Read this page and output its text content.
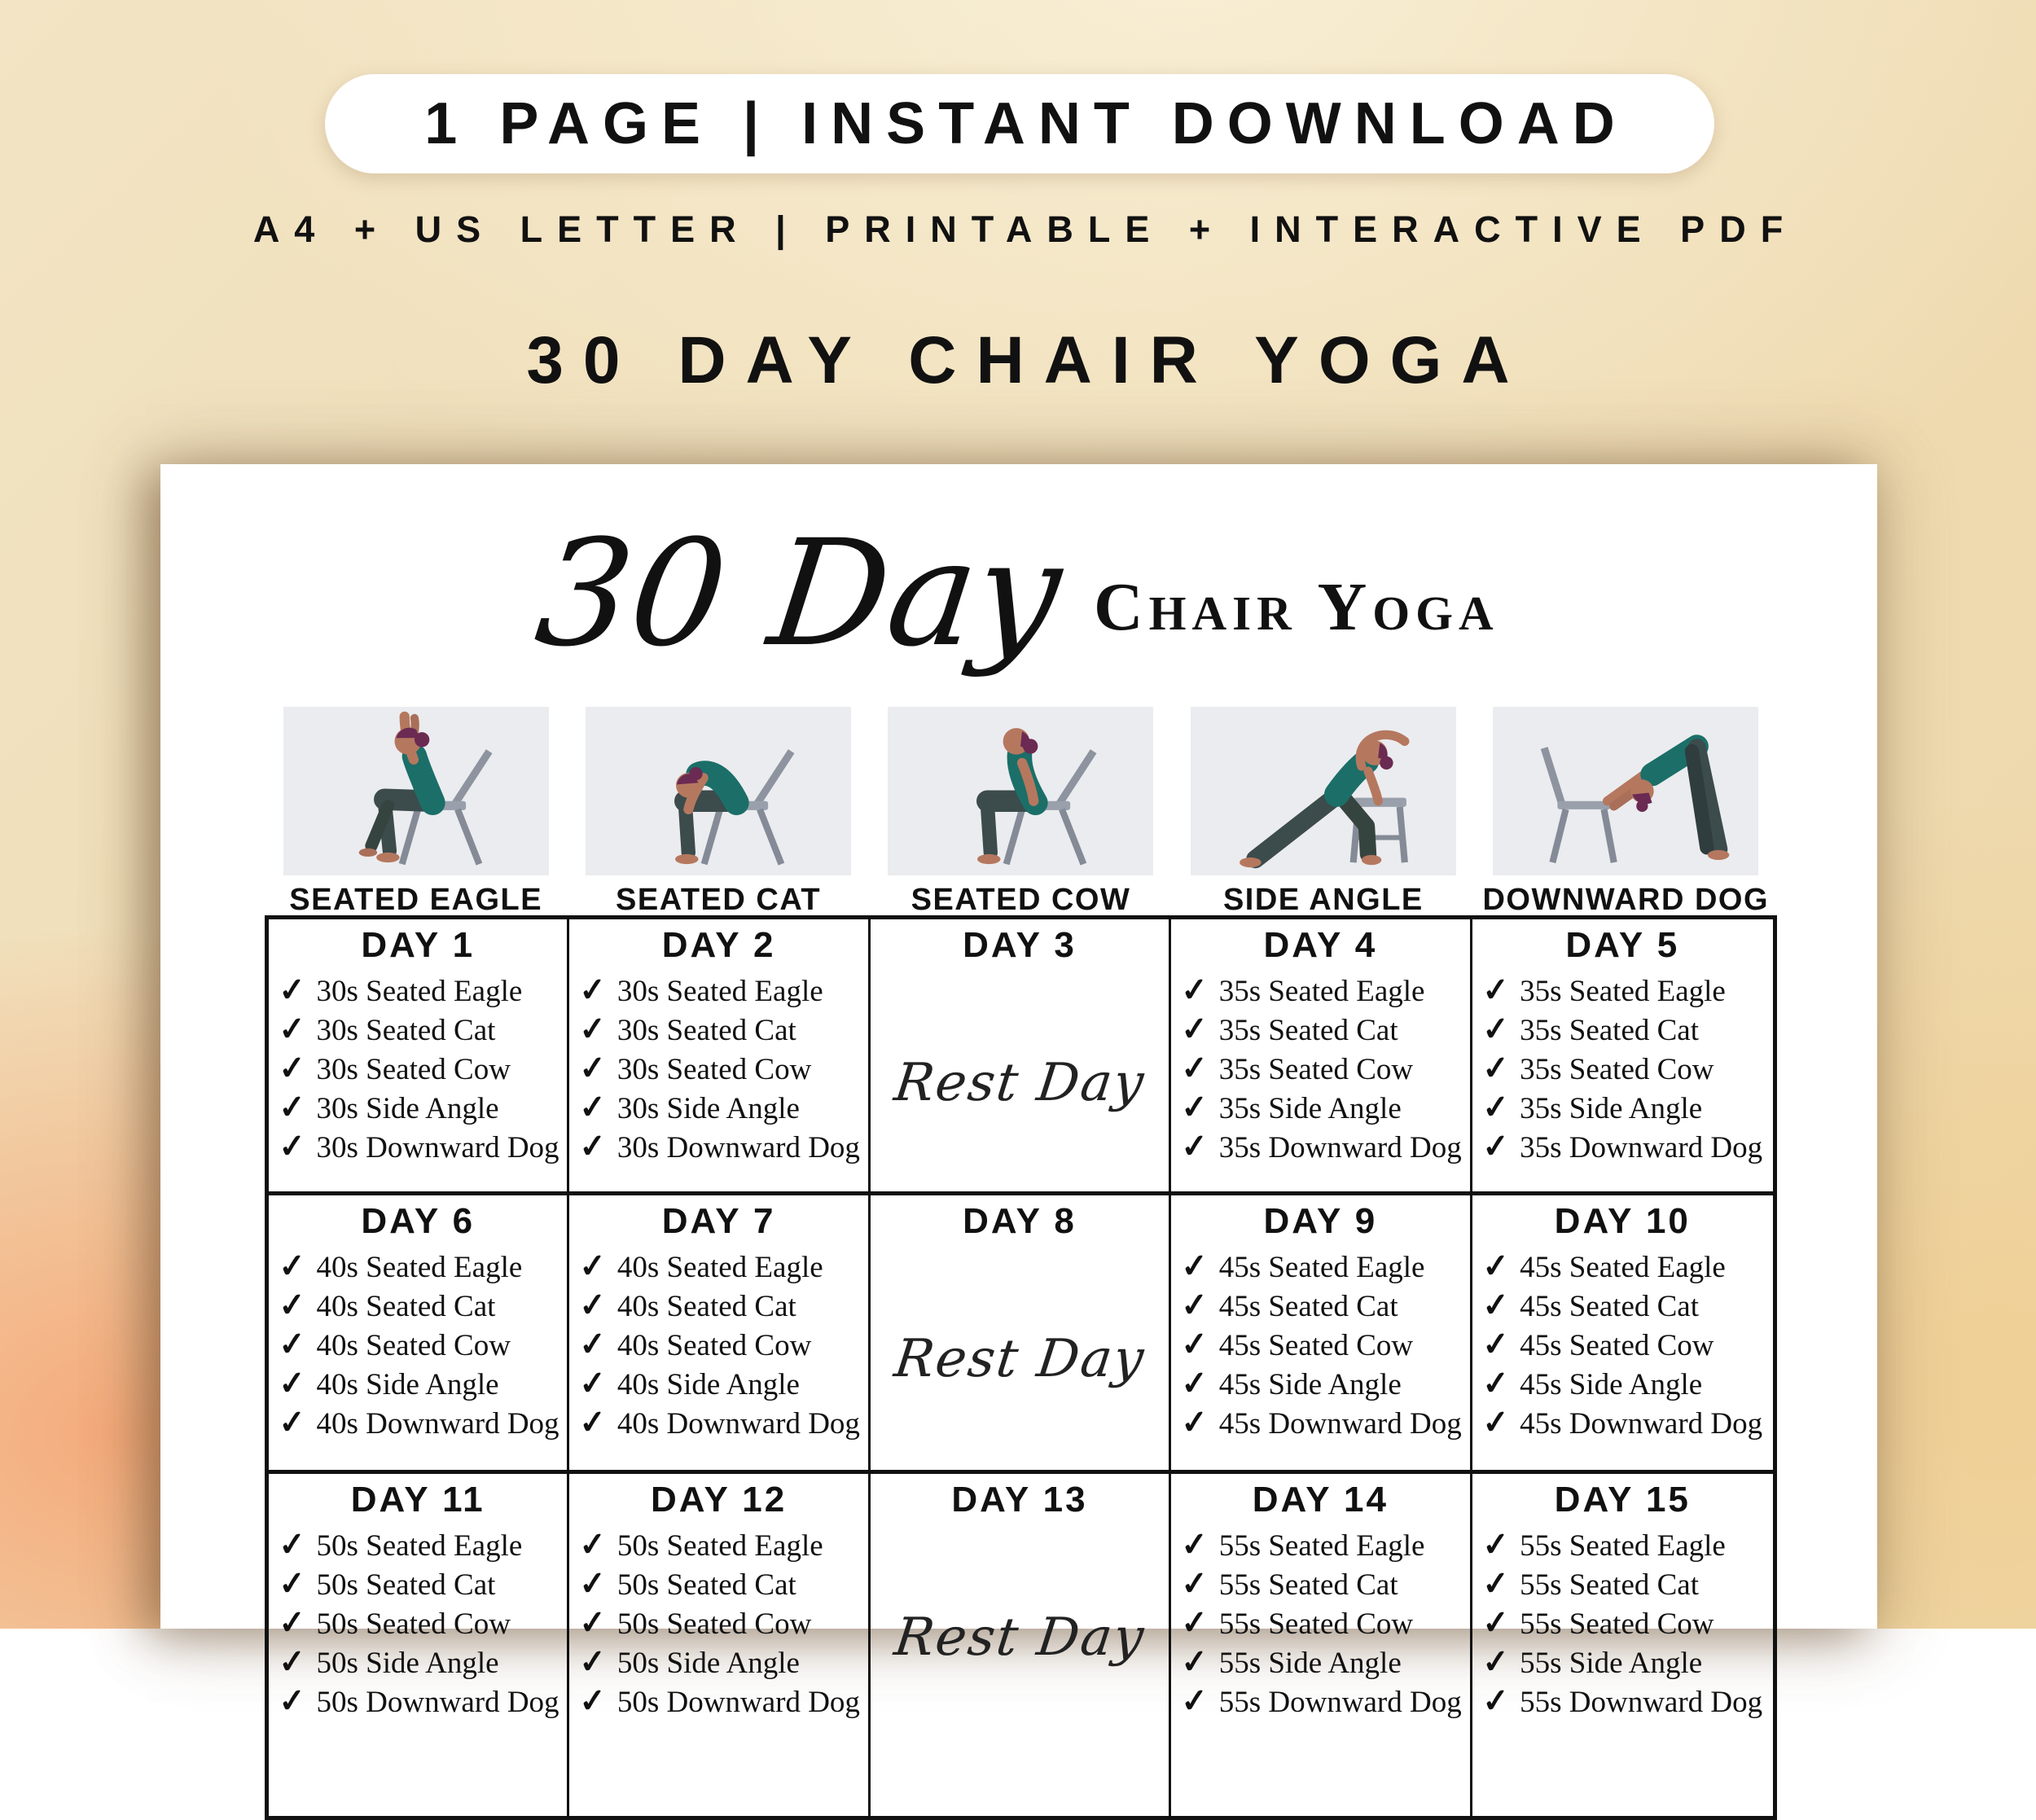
1 PAGE | INSTANT DOWNLOAD
A4 + US LETTER | PRINTABLE + INTERACTIVE PDF
30 DAY CHAIR YOGA
30 Day Chair Yoga
SEATED EAGLE SEATED CAT	SEATED COW	SIDE ANGLE DOWNWARD DOG
DAY 1
✓ 30s Seated Eagle
✓ 30s Seated Cat
✓ 30s Seated Cow
✓ 30s Side Angle
✓ 30s Downward Dog
DAY 2
✓ 30s Seated Eagle
✓ 30s Seated Cat
✓ 30s Seated Cow
✓ 30s Side Angle
✓ 30s Downward Dog
DAY 3
Rest Day
DAY 4
✓ 35s Seated Eagle
✓ 35s Seated Cat
✓ 35s Seated Cow
✓ 35s Side Angle
✓ 35s Downward Dog
DAY 5
✓ 35s Seated Eagle
✓ 35s Seated Cat
✓ 35s Seated Cow
✓ 35s Side Angle
✓ 35s Downward Dog
DAY 6
✓ 40s Seated Eagle
✓ 40s Seated Cat
✓ 40s Seated Cow
✓ 40s Side Angle
✓ 40s Downward Dog
DAY 7
✓ 40s Seated Eagle
✓ 40s Seated Cat
✓ 40s Seated Cow
✓ 40s Side Angle
✓ 40s Downward Dog
DAY 8
Rest Day
DAY 9
✓ 45s Seated Eagle
✓ 45s Seated Cat
✓ 45s Seated Cow
✓ 45s Side Angle
✓ 45s Downward Dog
DAY 10
✓ 45s Seated Eagle
✓ 45s Seated Cat
✓ 45s Seated Cow
✓ 45s Side Angle
✓ 45s Downward Dog
DAY 11
✓ 50s Seated Eagle
✓ 50s Seated Cat
✓ 50s Seated Cow
✓ 50s Side Angle
✓ 50s Downward Dog
DAY 12
✓ 50s Seated Eagle
✓ 50s Seated Cat
✓ 50s Seated Cow
✓ 50s Side Angle
✓ 50s Downward Dog
DAY 13
Rest Day
DAY 14
✓ 55s Seated Eagle
✓ 55s Seated Cat
✓ 55s Seated Cow
✓ 55s Side Angle
✓ 55s Downward Dog
DAY 15
✓ 55s Seated Eagle
✓ 55s Seated Cat
✓ 55s Seated Cow
✓ 55s Side Angle
✓ 55s Downward Dog
